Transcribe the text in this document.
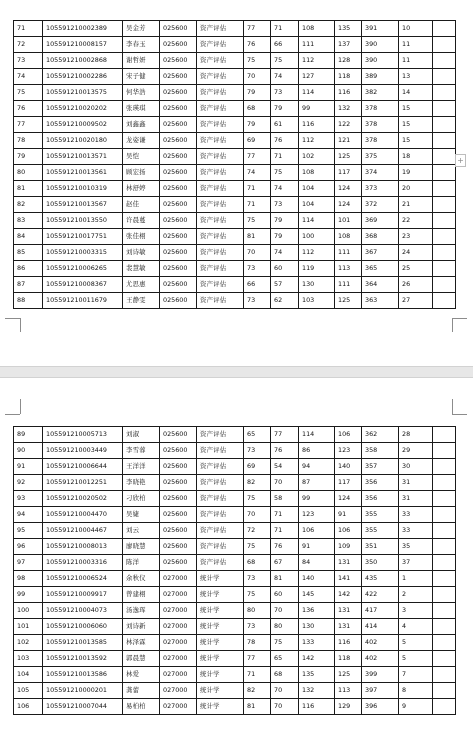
71	105591210002389	吴金芳	025600	资产评估	77	71	108	135	391	10	
72	105591210008157	李春玉	025600	资产评估	76	66	111	137	390	11	
73	105591210002868	谢哲妍	025600	资产评估	75	75	112	128	390	11	
74	105591210002286	宋子健	025600	资产评估	70	74	127	118	389	13	
75	105591210013575	何华浩	025600	资产评估	79	73	114	116	382	14	
76	105591210020202	张瑛琪	025600	资产评估	68	79	99	132	378	15	
77	105591210009502	刘鑫鑫	025600	资产评估	79	61	116	122	378	15	
78	105591210020180	龙姿谦	025600	资产评估	69	76	112	121	378	15	
79	105591210013571	吴恺	025600	资产评估	77	71	102	125	375	18	
80	105591210013561	顾宏扬	025600	资产评估	74	75	108	117	374	19	
81	105591210010319	林舒婷	025600	资产评估	71	74	104	124	373	20	
82	105591210013567	赵佳	025600	资产评估	71	73	104	124	372	21	
83	105591210013550	许晨蔓	025600	资产评估	75	79	114	101	369	22	
84	105591210017751	张佳栩	025600	资产评估	81	79	100	108	368	23	
85	105591210003315	刘诗敏	025600	资产评估	70	74	112	111	367	24	
86	105591210006265	裴慧敏	025600	资产评估	73	60	119	113	365	25	
87	105591210008367	尤思惠	025600	资产评估	66	57	130	111	364	26	
88	105591210011679	王静雯	025600	资产评估	73	62	103	125	363	27	
+
89	105591210005713	刘淑	025600	资产评估	65	77	114	106	362	28	
90	105591210003449	李雪蓉	025600	资产评估	73	76	86	123	358	29	
91	105591210006644	王洋洋	025600	资产评估	69	54	94	140	357	30	
92	105591210012251	李晓艳	025600	资产评估	82	70	87	117	356	31	
93	105591210020502	刁欣柏	025600	资产评估	75	58	99	124	356	31	
94	105591210004470	吴婕	025600	资产评估	70	71	123	91	355	33	
95	105591210004467	刘云	025600	资产评估	72	71	106	106	355	33	
96	105591210008013	廖晓慧	025600	资产评估	75	76	91	109	351	35	
97	105591210003316	陈洋	025600	资产评估	68	67	84	131	350	37	
98	105591210006524	余秋仪	027000	统计学	73	81	140	141	435	1	
99	105591210009917	曾建栩	027000	统计学	75	60	145	142	422	2	
100	105591210004073	汤逸珲	027000	统计学	80	70	136	131	417	3	
101	105591210006060	刘诗新	027000	统计学	73	80	130	131	414	4	
102	105591210013585	林泽霖	027000	统计学	78	75	133	116	402	5	
103	105591210013592	郭晨慧	027000	统计学	77	65	142	118	402	5	
104	105591210013586	林爱	027000	统计学	71	68	135	125	399	7	
105	105591210000201	龚蕾	027000	统计学	82	70	132	113	397	8	
106	105591210007044	易柏柏	027000	统计学	81	70	116	129	396	9	
